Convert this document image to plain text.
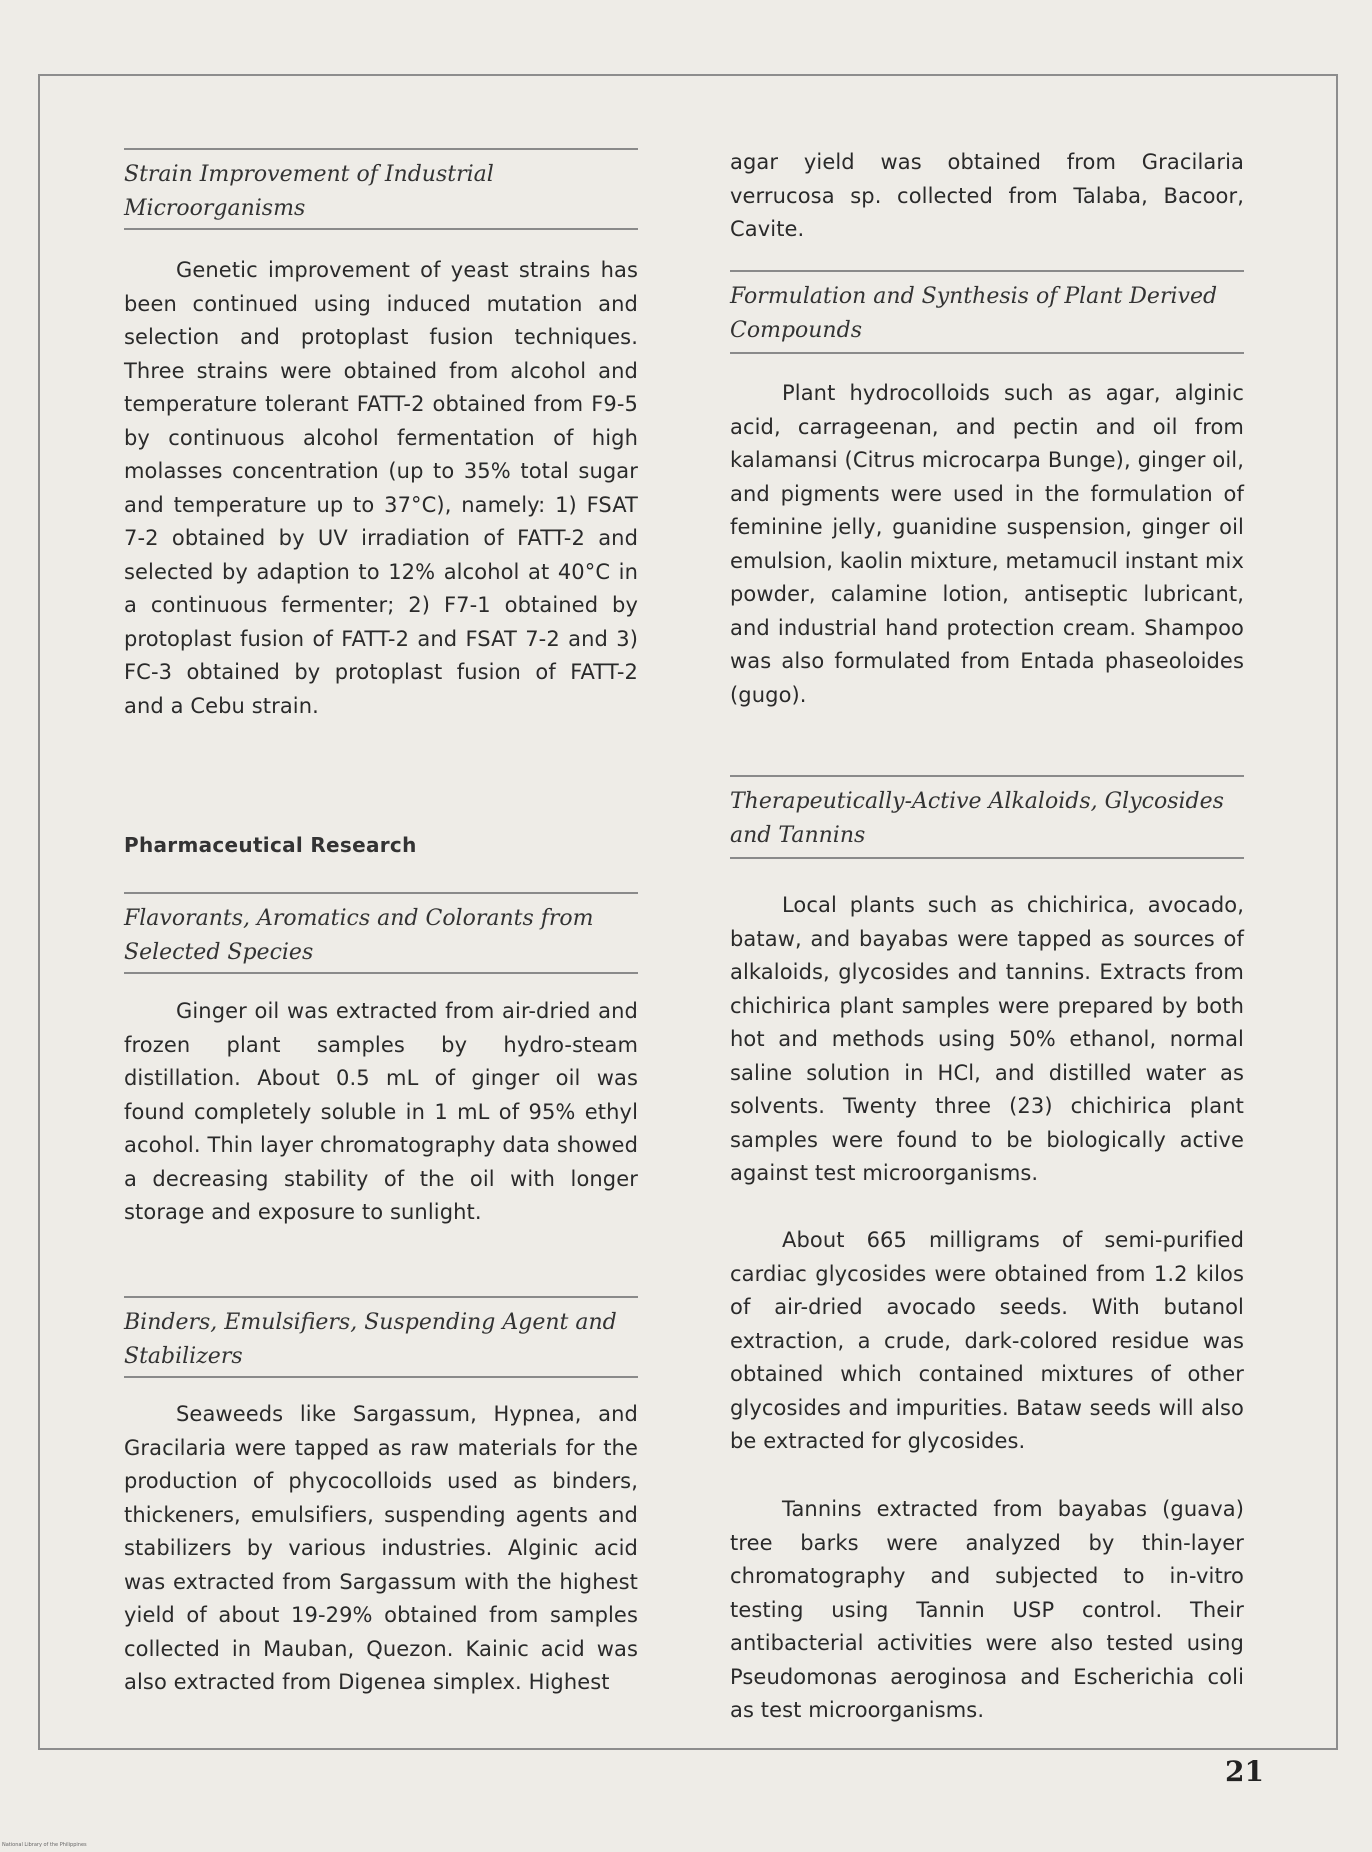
Strain Improvement of Industrial Microorganisms

Genetic improvement of yeast strains has been continued using induced mutation and selection and protoplast fusion techniques. Three strains were obtained from alcohol and temperature tolerant FATT-2 obtained from F9-5 by continuous alcohol fermentation of high molasses concentration (up to 35% total sugar and temperature up to 37°C), namely: 1) FSAT 7-2 obtained by UV irradiation of FATT-2 and selected by adaption to 12% alcohol at 40°C in a continuous fermenter; 2) F7-1 obtained by protoplast fusion of FATT-2 and FSAT 7-2 and 3) FC-3 obtained by protoplast fusion of FATT-2 and a Cebu strain.

Pharmaceutical Research

Flavorants, Aromatics and Colorants from Selected Species

Ginger oil was extracted from air-dried and frozen plant samples by hydro-steam distillation. About 0.5 mL of ginger oil was found completely soluble in 1 mL of 95% ethyl acohol. Thin layer chromatography data showed a decreasing stability of the oil with longer storage and exposure to sunlight.

Binders, Emulsifiers, Suspending Agent and Stabilizers

Seaweeds like Sargassum, Hypnea, and Gracilaria were tapped as raw materials for the production of phycocolloids used as binders, thickeners, emulsifiers, suspending agents and stabilizers by various industries. Alginic acid was extracted from Sargassum with the highest yield of about 19-29% obtained from samples collected in Mauban, Quezon. Kainic acid was also extracted from Digenea simplex. Highest

agar yield was obtained from Gracilaria verrucosa sp. collected from Talaba, Bacoor, Cavite.

Formulation and Synthesis of Plant Derived Compounds

Plant hydrocolloids such as agar, alginic acid, carrageenan, and pectin and oil from kalamansi (Citrus microcarpa Bunge), ginger oil, and pigments were used in the formulation of feminine jelly, guanidine suspension, ginger oil emulsion, kaolin mixture, metamucil instant mix powder, calamine lotion, antiseptic lubricant, and industrial hand protection cream. Shampoo was also formulated from Entada phaseoloides (gugo).

Therapeutically-Active Alkaloids, Glycosides and Tannins

Local plants such as chichirica, avocado, bataw, and bayabas were tapped as sources of alkaloids, glycosides and tannins. Extracts from chichirica plant samples were prepared by both hot and methods using 50% ethanol, normal saline solution in HCl, and distilled water as solvents. Twenty three (23) chichirica plant samples were found to be biologically active against test microorganisms.

About 665 milligrams of semi-purified cardiac glycosides were obtained from 1.2 kilos of air-dried avocado seeds. With butanol extraction, a crude, dark-colored residue was obtained which contained mixtures of other glycosides and impurities. Bataw seeds will also be extracted for glycosides.

Tannins extracted from bayabas (guava) tree barks were analyzed by thin-layer chromatography and subjected to in-vitro testing using Tannin USP control. Their antibacterial activities were also tested using Pseudomonas aeroginosa and Escherichia coli as test microorganisms.

21
National Library of the Philippines
